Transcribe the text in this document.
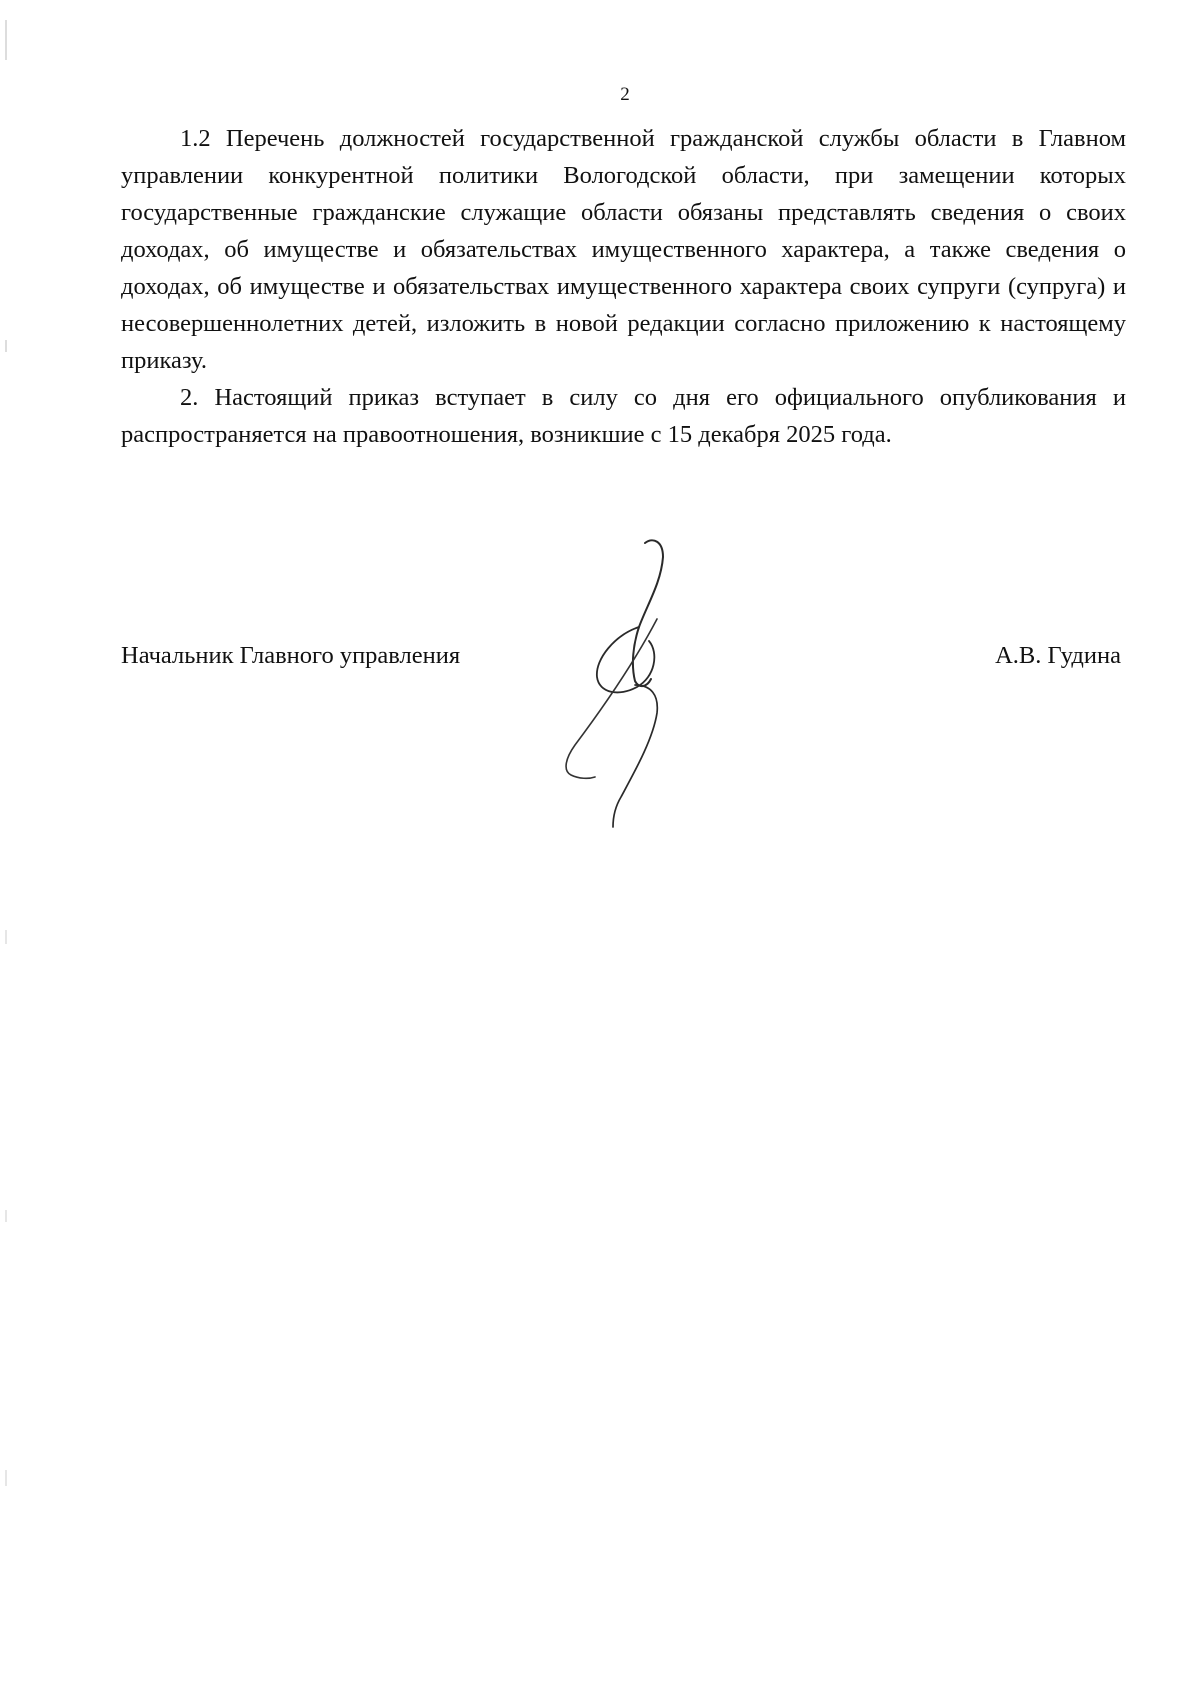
2

1.2 Перечень должностей государственной гражданской службы области в Главном управлении конкурентной политики Вологодской области, при замещении которых государственные гражданские служащие области обязаны представлять сведения о своих доходах, об имуществе и обязательствах имущественного характера, а также сведения о доходах, об имуществе и обязательствах имущественного характера своих супруги (супруга) и несовершеннолетних детей, изложить в новой редакции согласно приложению к настоящему приказу.

2. Настоящий приказ вступает в силу со дня его официального опубликования и распространяется на правоотношения, возникшие с 15 декабря 2025 года.

Начальник Главного управления	А.В. Гудина
